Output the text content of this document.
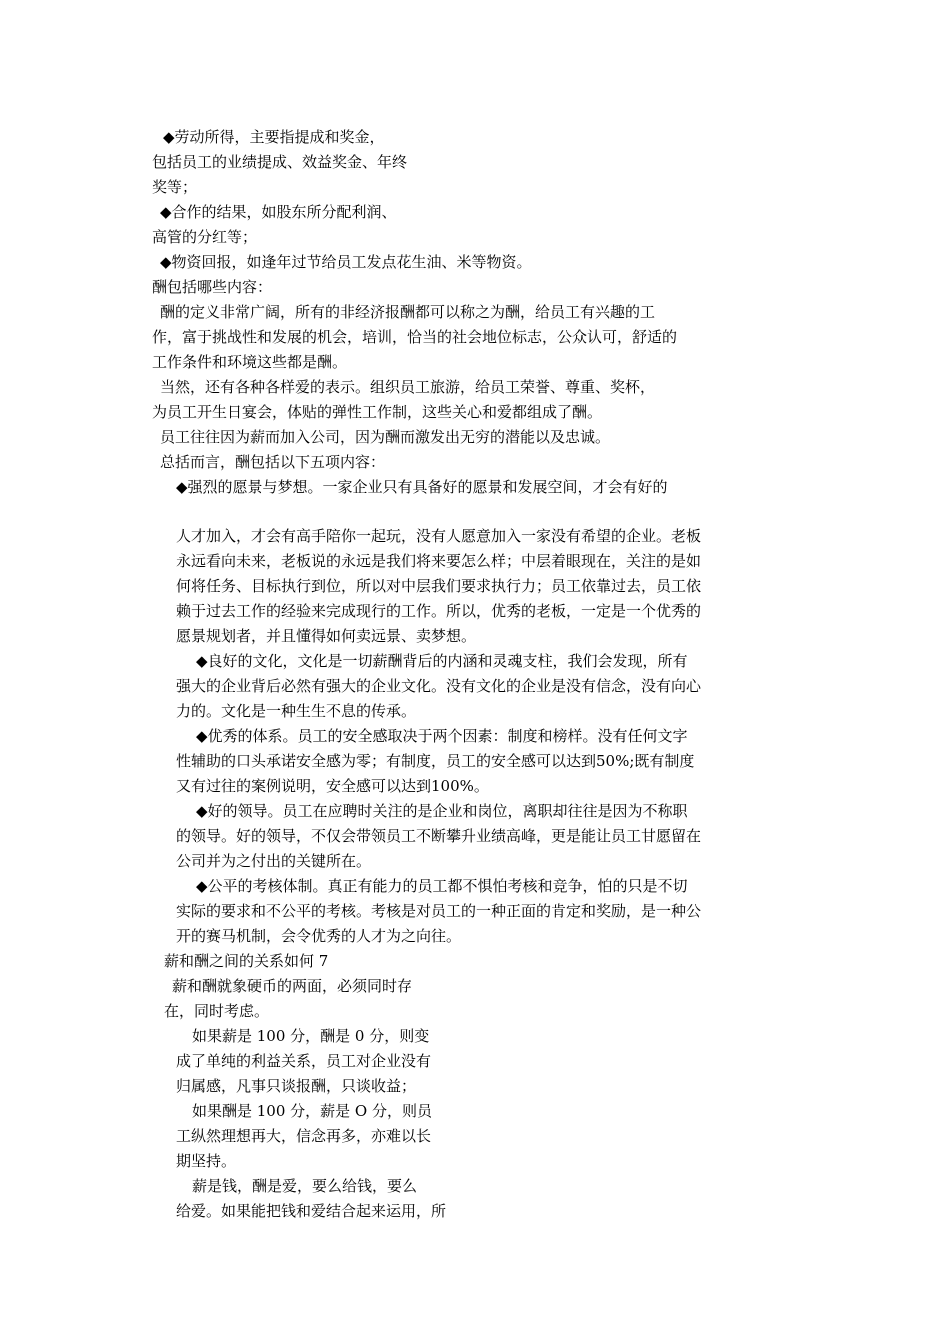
◆劳动所得，主要指提成和奖金，
包括员工的业绩提成、效益奖金、年终
奖等；
◆合作的结果，如股东所分配利润、
高管的分红等；
◆物资回报，如逢年过节给员工发点花生油、米等物资。
酬包括哪些内容：
酬的定义非常广阔，所有的非经济报酬都可以称之为酬，给员工有兴趣的工
作，富于挑战性和发展的机会，培训，恰当的社会地位标志，公众认可，舒适的
工作条件和环境这些都是酬。
当然，还有各种各样爱的表示。组织员工旅游，给员工荣誉、尊重、奖杯，
为员工开生日宴会，体贴的弹性工作制，这些关心和爱都组成了酬。
员工往往因为薪而加入公司，因为酬而激发出无穷的潜能以及忠诚。
总括而言，酬包括以下五项内容：
◆强烈的愿景与梦想。一家企业只有具备好的愿景和发展空间，才会有好的
人才加入，才会有高手陪你一起玩，没有人愿意加入一家没有希望的企业。老板
永远看向未来，老板说的永远是我们将来要怎么样；中层着眼现在，关注的是如
何将任务、目标执行到位，所以对中层我们要求执行力；员工依靠过去，员工依
赖于过去工作的经验来完成现行的工作。所以，优秀的老板，一定是一个优秀的
愿景规划者，并且懂得如何卖远景、卖梦想。
◆良好的文化，文化是一切薪酬背后的内涵和灵魂支柱，我们会发现，所有
强大的企业背后必然有强大的企业文化。没有文化的企业是没有信念，没有向心
力的。文化是一种生生不息的传承。
◆优秀的体系。员工的安全感取决于两个因素：制度和榜样。没有任何文字
性辅助的口头承诺安全感为零；有制度，员工的安全感可以达到50%;既有制度
又有过往的案例说明，安全感可以达到100%。
◆好的领导。员工在应聘时关注的是企业和岗位，离职却往往是因为不称职
的领导。好的领导，不仅会带领员工不断攀升业绩高峰，更是能让员工甘愿留在
公司并为之付出的关键所在。
◆公平的考核体制。真正有能力的员工都不惧怕考核和竞争，怕的只是不切
实际的要求和不公平的考核。考核是对员工的一种正面的肯定和奖励，是一种公
开的赛马机制，会令优秀的人才为之向往。
薪和酬之间的关系如何 7
薪和酬就象硬币的两面，必须同时存
在，同时考虑。
如果薪是 100 分，酬是 0 分，则变
成了单纯的利益关系，员工对企业没有
归属感，凡事只谈报酬，只谈收益；
如果酬是 100 分，薪是 O 分，则员
工纵然理想再大，信念再多，亦难以长
期坚持。
薪是钱，酬是爱，要么给钱，要么
给爱。如果能把钱和爱结合起来运用，所
